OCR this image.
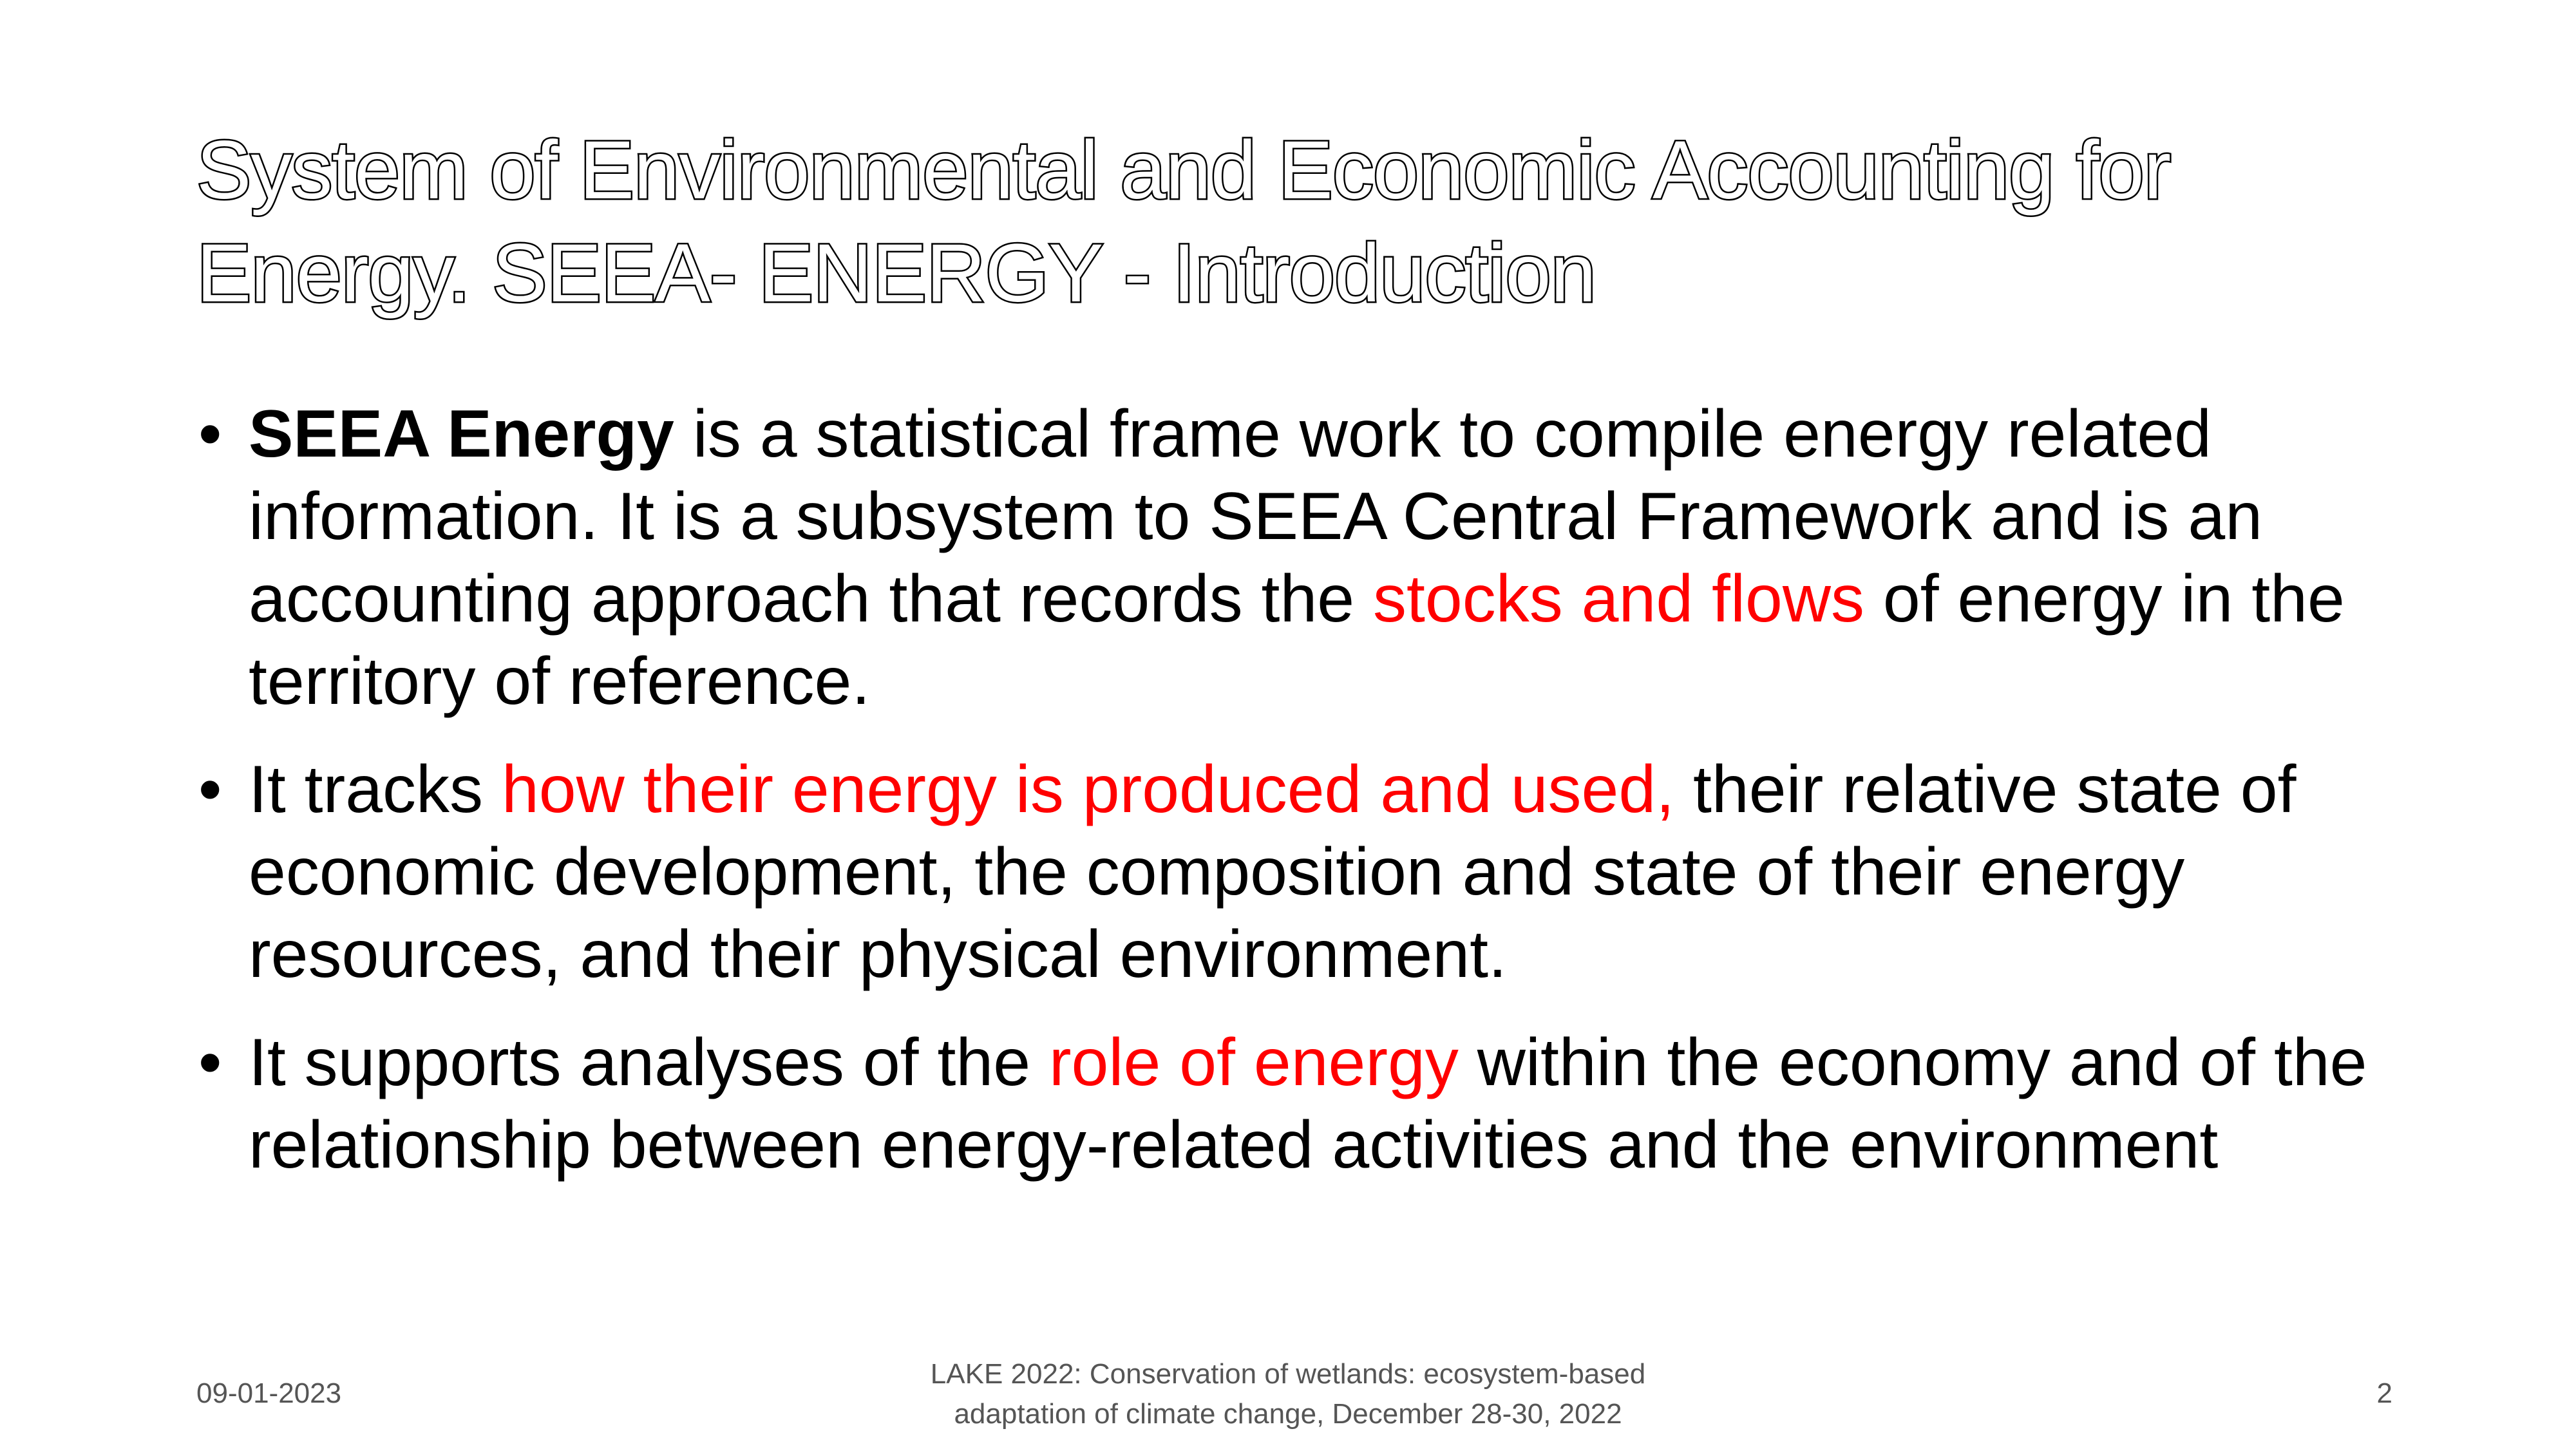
System of Environmental and Economic Accounting for
Energy. SEEA- ENERGY - Introduction
• SEEA Energy is a statistical frame work to compile energy related information. It is a subsystem to SEEA Central Framework and is an accounting approach that records the stocks and flows of energy in the territory of reference.
• It tracks how their energy is produced and used, their relative state of economic development, the composition and state of their energy resources, and their physical environment.
• It supports analyses of the role of energy within the economy and of the relationship between energy-related activities and the environment
09-01-2023
LAKE 2022: Conservation of wetlands: ecosystem-based
adaptation of climate change, December 28-30, 2022
2
